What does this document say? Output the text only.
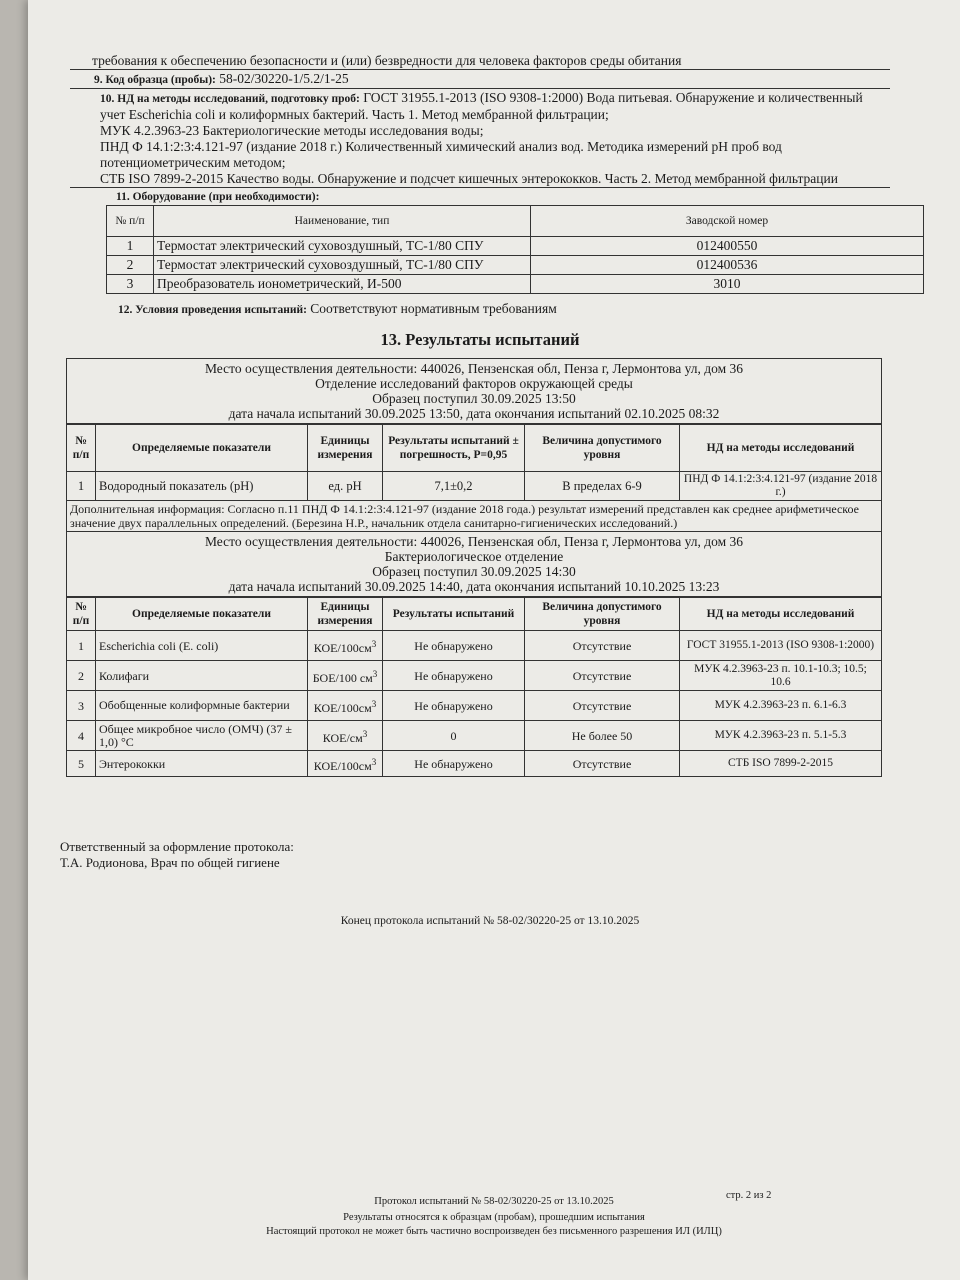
требования к обеспечению безопасности и (или) безвредности для человека факторов среды обитания
9. Код образца (пробы): 58-02/30220-1/5.2/1-25
10. НД на методы исследований, подготовку проб: ГОСТ 31955.1-2013 (ISO 9308-1:2000) Вода питьевая. Обнаружение и количественный учет Escherichia coli и колиформных бактерий. Часть 1. Метод мембранной фильтрации;
МУК 4.2.3963-23 Бактериологические методы исследования воды;
ПНД Ф 14.1:2:3:4.121-97 (издание 2018 г.) Количественный химический анализ вод. Методика измерений pH проб вод потенциометрическим методом;
СТБ ISO 7899-2-2015 Качество воды. Обнаружение и подсчет кишечных энтерококков. Часть 2. Метод мембранной фильтрации
11. Оборудование (при необходимости):
№ п/п	Наименование, тип	Заводской номер
1	Термостат электрический суховоздушный, ТС-1/80 СПУ	012400550
2	Термостат электрический суховоздушный, ТС-1/80 СПУ	012400536
3	Преобразователь иономeтрический, И-500	3010
12. Условия проведения испытаний: Соответствуют нормативным требованиям
13. Результаты испытаний
Место осуществления деятельности: 440026, Пензенская обл, Пенза г, Лермонтова ул, дом 36
Отделение исследований факторов окружающей среды
Образец поступил 30.09.2025 13:50
дата начала испытаний 30.09.2025 13:50, дата окончания испытаний 02.10.2025 08:32
№ п/п	Определяемые показатели	Единицы измерения	Результаты испытаний ± погрешность, P=0,95	Величина допустимого уровня	НД на методы исследований
1	Водородный показатель (pH)	ед. pH	7,1±0,2	В пределах 6-9	ПНД Ф 14.1:2:3:4.121-97 (издание 2018 г.)
Дополнительная информация: Согласно п.11 ПНД Ф 14.1:2:3:4.121-97 (издание 2018 года.) результат измерений представлен как среднее арифметическое значение двух параллельных определений. (Березина Н.Р., начальник отдела санитарно-гигиенических исследований.)					
Место осуществления деятельности: 440026, Пензенская обл, Пенза г, Лермонтова ул, дом 36
Бактериологическое отделение
Образец поступил 30.09.2025 14:30
дата начала испытаний 30.09.2025 14:40, дата окончания испытаний 10.10.2025 13:23
№ п/п	Определяемые показатели	Единицы измерения	Результаты испытаний	Величина допустимого уровня	НД на методы исследований
1	Escherichia coli (E. coli)	КОЕ/$100см^3$	Не обнаружено	Отсутствие	ГОСТ 31955.1-2013 (ISO 9308-1:2000)
2	Колифаги	БОЕ/100 $см^3$	Не обнаружено	Отсутствие	МУК 4.2.3963-23 п. 10.1-10.3; 10.5; 10.6
3	Обобщенные колиформные бактерии	КОЕ/$100см^3$	Не обнаружено	Отсутствие	МУК 4.2.3963-23 п. 6.1-6.3
4	Общее микробное число (ОМЧ) (37 ± 1,0) °С	КОЕ/$см^3$	0	Не более 50	МУК 4.2.3963-23 п. 5.1-5.3
5	Энтерококки	КОЕ/$100см^3$	Не обнаружено	Отсутствие	СТБ ISO 7899-2-2015
Ответственный за оформление протокола:
Т.А. Родионова, Врач по общей гигиене
Конец протокола испытаний № 58-02/30220-25 от 13.10.2025
Протокол испытаний № 58-02/30220-25 от 13.10.2025
стр. 2 из 2
Результаты относятся к образцам (пробам), прошедшим испытания
Настоящий протокол не может быть частично воспроизведен без письменного разрешения ИЛ (ИЛЦ)
